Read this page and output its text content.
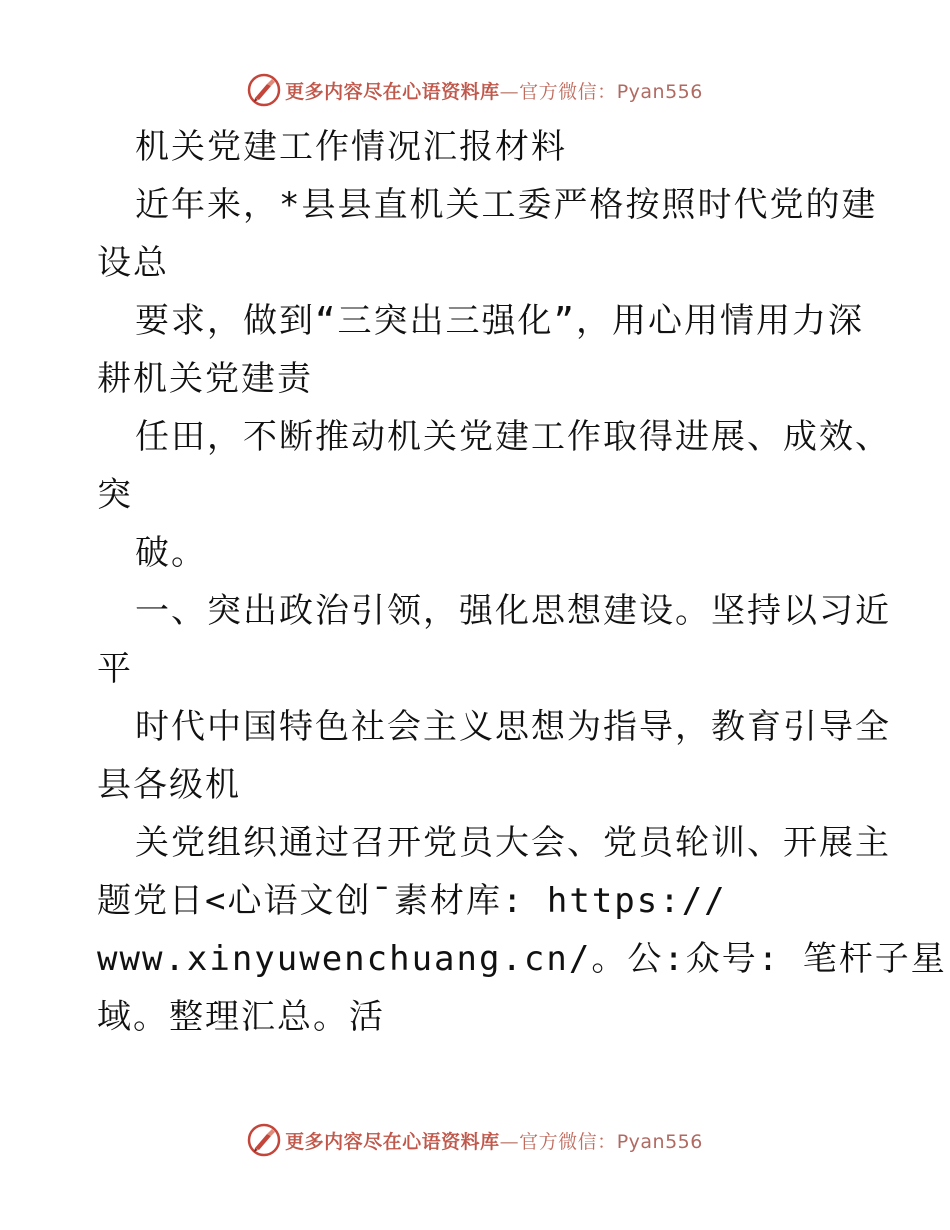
更多内容尽在心语资料库—官方微信：Pyan556
机关党建工作情况汇报材料
近年来，*县县直机关工委严格按照时代党的建
设总
要求，做到“三突出三强化”，用心用情用力深
耕机关党建责
任田，不断推动机关党建工作取得进展、成效、
突
破。
一、突出政治引领，强化思想建设。坚持以习近
平
时代中国特色社会主义思想为指导，教育引导全
县各级机
关党组织通过召开党员大会、党员轮训、开展主
题党日<心语文创¯素材库: https://
www.xinyuwenchuang.cn/。公:众号: 笔杆子星
域。整理汇总。活
更多内容尽在心语资料库—官方微信：Pyan556
